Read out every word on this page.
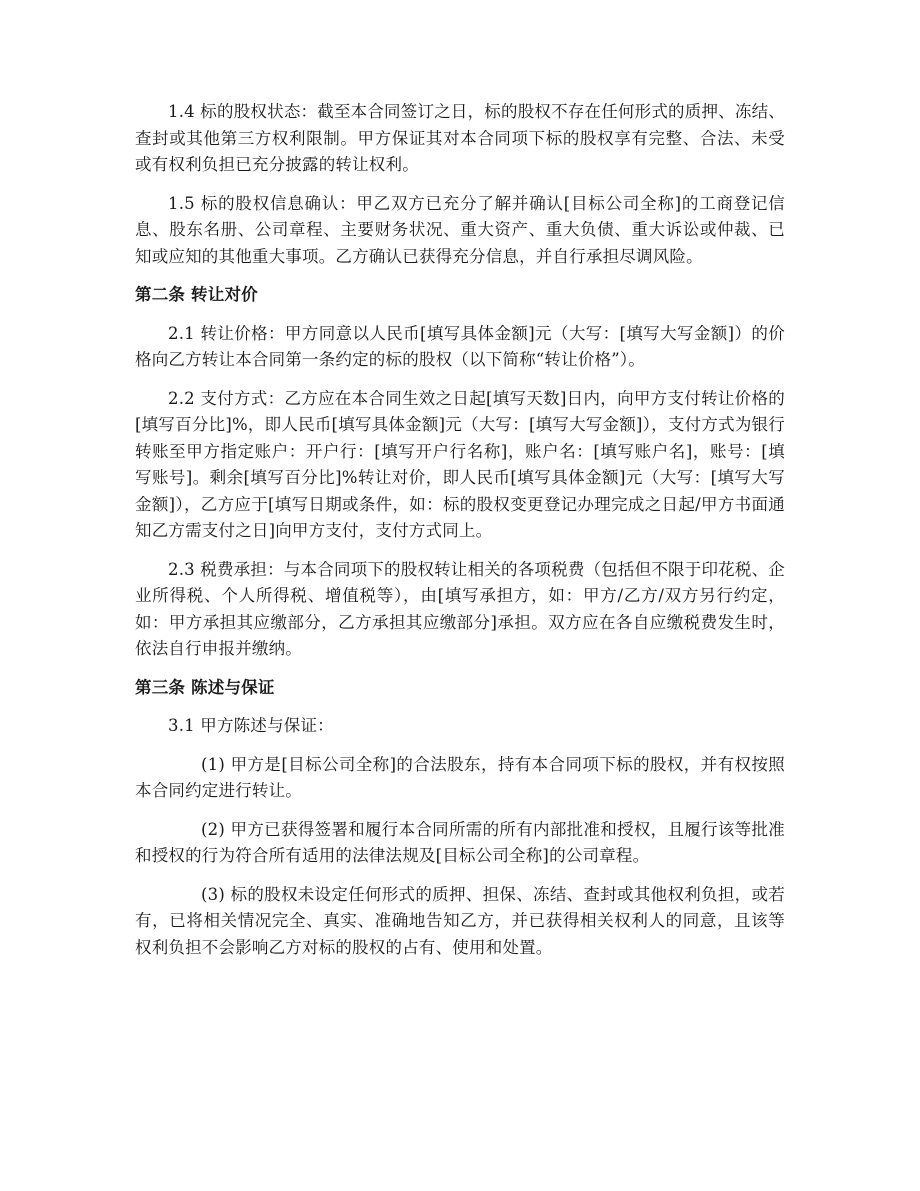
1.4 标的股权状态：截至本合同签订之日，标的股权不存在任何形式的质押、冻结、查封或其他第三方权利限制。甲方保证其对本合同项下标的股权享有完整、合法、未受或有权利负担已充分披露的转让权利。

1.5 标的股权信息确认：甲乙双方已充分了解并确认[目标公司全称]的工商登记信息、股东名册、公司章程、主要财务状况、重大资产、重大负债、重大诉讼或仲裁、已知或应知的其他重大事项。乙方确认已获得充分信息，并自行承担尽调风险。

第二条 转让对价

2.1 转让价格：甲方同意以人民币[填写具体金额]元（大写：[填写大写金额]）的价格向乙方转让本合同第一条约定的标的股权（以下简称“转让价格”）。

2.2 支付方式：乙方应在本合同生效之日起[填写天数]日内，向甲方支付转让价格的[填写百分比]%，即人民币[填写具体金额]元（大写：[填写大写金额]），支付方式为银行转账至甲方指定账户：开户行：[填写开户行名称]，账户名：[填写账户名]，账号：[填写账号]。剩余[填写百分比]%转让对价，即人民币[填写具体金额]元（大写：[填写大写金额]），乙方应于[填写日期或条件，如：标的股权变更登记办理完成之日起/甲方书面通知乙方需支付之日]向甲方支付，支付方式同上。

2.3 税费承担：与本合同项下的股权转让相关的各项税费（包括但不限于印花税、企业所得税、个人所得税、增值税等），由[填写承担方，如：甲方/乙方/双方另行约定，如：甲方承担其应缴部分，乙方承担其应缴部分]承担。双方应在各自应缴税费发生时，依法自行申报并缴纳。

第三条 陈述与保证

3.1 甲方陈述与保证：

(1) 甲方是[目标公司全称]的合法股东，持有本合同项下标的股权，并有权按照本合同约定进行转让。

(2) 甲方已获得签署和履行本合同所需的所有内部批准和授权，且履行该等批准和授权的行为符合所有适用的法律法规及[目标公司全称]的公司章程。

(3) 标的股权未设定任何形式的质押、担保、冻结、查封或其他权利负担，或若有，已将相关情况完全、真实、准确地告知乙方，并已获得相关权利人的同意，且该等权利负担不会影响乙方对标的股权的占有、使用和处置。
